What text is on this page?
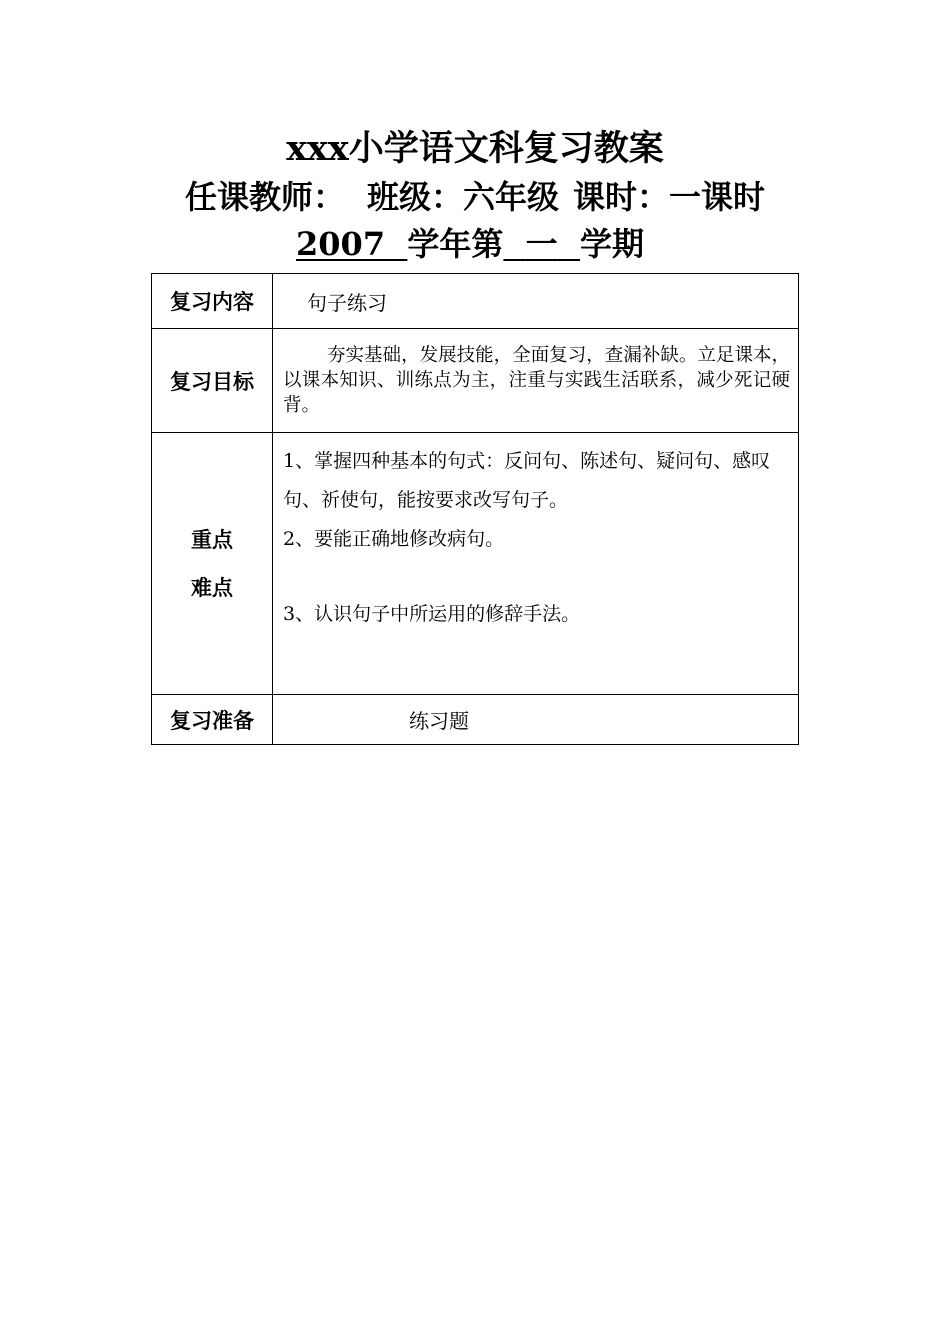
xxx小学语文科复习教案
任课教师： 班级：六年级 课时：一课时
2007 学年第 一 学期
复习内容	句子练习
复习目标	夯实基础，发展技能，全面复习，查漏补缺。立足课本，以课本知识、训练点为主，注重与实践生活联系，减少死记硬背。

重点
难点	1、掌握四种基本的句式：反问句、陈述句、疑问句、感叹句、祈使句，能按要求改写句子。
2、要能正确地修改病句。
3、认识句子中所运用的修辞手法。

复习准备	练习题
